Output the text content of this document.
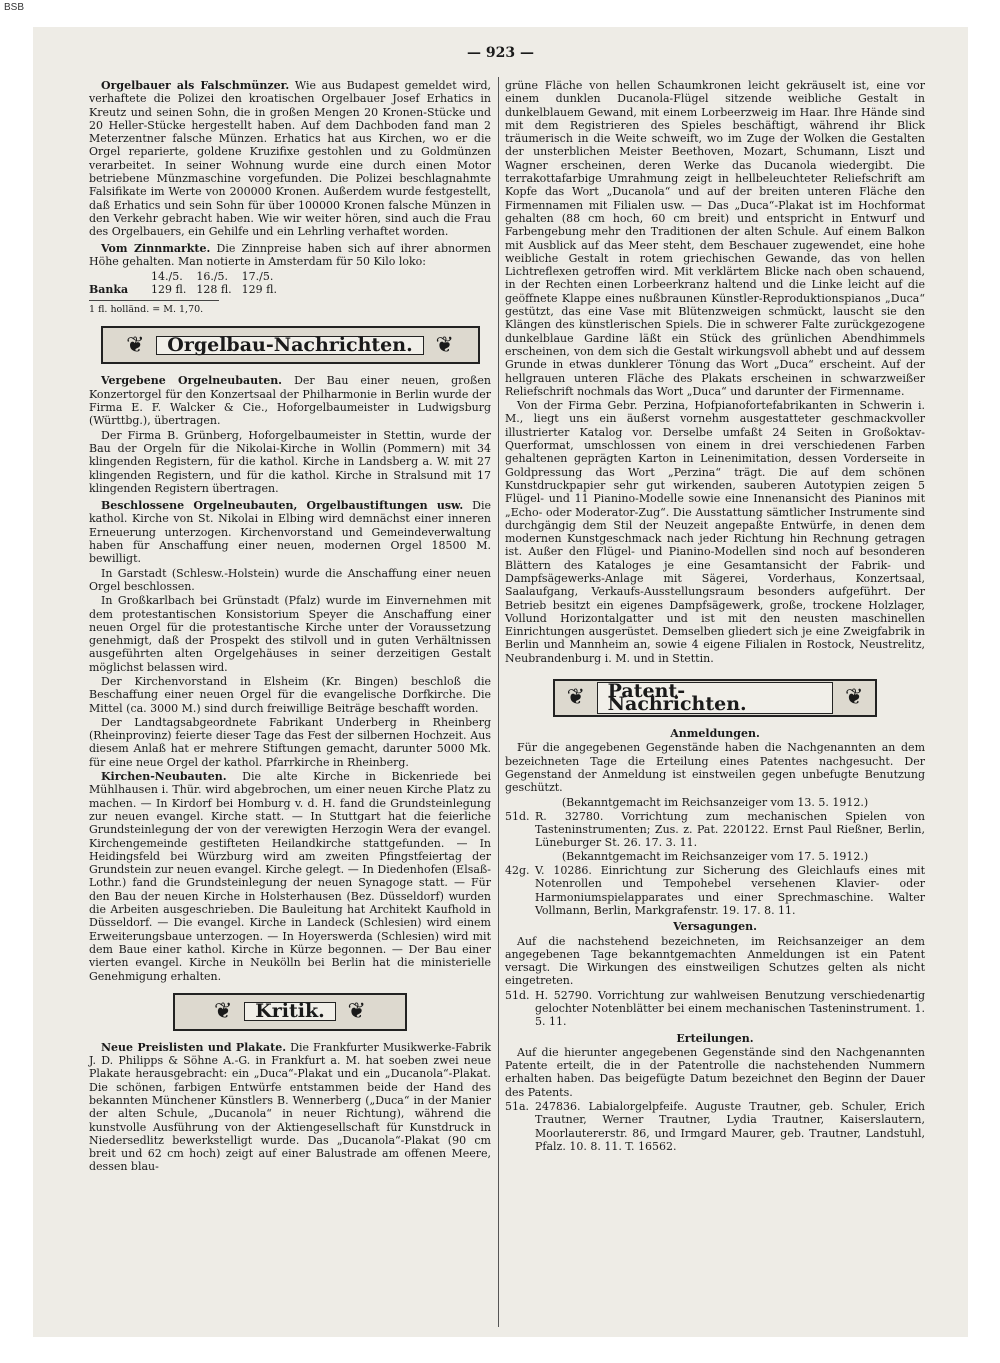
BSB
— 923 —

Orgelbauer als Falschmünzer. Wie aus Budapest gemeldet wird, verhaftete die Polizei den kroatischen Orgelbauer Josef Erhatics in Kreutz und seinen Sohn, die in großen Mengen 20 Kronen-Stücke und 20 Heller-Stücke hergestellt haben. Auf dem Dachboden fand man 2 Meterzentner falsche Münzen. Erhatics hat aus Kirchen, wo er die Orgel reparierte, goldene Kruzifixe gestohlen und zu Goldmünzen verarbeitet. In seiner Wohnung wurde eine durch einen Motor betriebene Münzmaschine vorgefunden. Die Polizei beschlagnahmte Falsifikate im Werte von 200000 Kronen. Außerdem wurde festgestellt, daß Erhatics und sein Sohn für über 100000 Kronen falsche Münzen in den Verkehr gebracht haben. Wie wir weiter hören, sind auch die Frau des Orgelbauers, ein Gehilfe und ein Lehrling verhaftet worden.

Vom Zinnmarkte. Die Zinnpreise haben sich auf ihrer abnormen Höhe gehalten. Man notierte in Amsterdam für 50 Kilo loko:

	14./5.	16./5.	17./5.
Banka	129 fl.	128 fl.	129 fl.

1 fl. holländ. = M. 1,70.

❦	Orgelbau-Nachrichten.	❦

Vergebene Orgelneubauten. Der Bau einer neuen, großen Konzertorgel für den Konzertsaal der Philharmonie in Berlin wurde der Firma E. F. Walcker & Cie., Hoforgelbaumeister in Ludwigsburg (Württbg.), übertragen.

Der Firma B. Grünberg, Hoforgelbaumeister in Stettin, wurde der Bau der Orgeln für die Nikolai-Kirche in Wollin (Pommern) mit 34 klingenden Registern, für die kathol. Kirche in Landsberg a. W. mit 27 klingenden Registern, und für die kathol. Kirche in Stralsund mit 17 klingenden Registern übertragen.

Beschlossene Orgelneubauten, Orgelbaustiftungen usw. Die kathol. Kirche von St. Nikolai in Elbing wird demnächst einer inneren Erneuerung unterzogen. Kirchenvorstand und Gemeindeverwaltung haben für Anschaffung einer neuen, modernen Orgel 18500 M. bewilligt.

In Garstadt (Schlesw.-Holstein) wurde die Anschaffung einer neuen Orgel beschlossen.

In Großkarlbach bei Grünstadt (Pfalz) wurde im Einvernehmen mit dem protestantischen Konsistorium Speyer die Anschaffung einer neuen Orgel für die protestantische Kirche unter der Voraussetzung genehmigt, daß der Prospekt des stilvoll und in guten Verhältnissen ausgeführten alten Orgelgehäuses in seiner derzeitigen Gestalt möglichst belassen wird.

Der Kirchenvorstand in Elsheim (Kr. Bingen) beschloß die Beschaffung einer neuen Orgel für die evangelische Dorfkirche. Die Mittel (ca. 3000 M.) sind durch freiwillige Beiträge beschafft worden.

Der Landtagsabgeordnete Fabrikant Underberg in Rheinberg (Rheinprovinz) feierte dieser Tage das Fest der silbernen Hochzeit. Aus diesem Anlaß hat er mehrere Stiftungen gemacht, darunter 5000 Mk. für eine neue Orgel der kathol. Pfarrkirche in Rheinberg.

Kirchen-Neubauten. Die alte Kirche in Bickenriede bei Mühlhausen i. Thür. wird abgebrochen, um einer neuen Kirche Platz zu machen. — In Kirdorf bei Homburg v. d. H. fand die Grundsteinlegung zur neuen evangel. Kirche statt. — In Stuttgart hat die feierliche Grundsteinlegung der von der verewigten Herzogin Wera der evangel. Kirchengemeinde gestifteten Heilandkirche stattgefunden. — In Heidingsfeld bei Würzburg wird am zweiten Pfingstfeiertag der Grundstein zur neuen evangel. Kirche gelegt. — In Diedenhofen (Elsaß-Lothr.) fand die Grundsteinlegung der neuen Synagoge statt. — Für den Bau der neuen Kirche in Holsterhausen (Bez. Düsseldorf) wurden die Arbeiten ausgeschrieben. Die Bauleitung hat Architekt Kaufhold in Düsseldorf. — Die evangel. Kirche in Landeck (Schlesien) wird einem Erweiterungsbaue unterzogen. — In Hoyerswerda (Schlesien) wird mit dem Baue einer kathol. Kirche in Kürze begonnen. — Der Bau einer vierten evangel. Kirche in Neukölln bei Berlin hat die ministerielle Genehmigung erhalten.

❦	Kritik.	❦

Neue Preislisten und Plakate. Die Frankfurter Musikwerke-Fabrik J. D. Philipps & Söhne A.-G. in Frankfurt a. M. hat soeben zwei neue Plakate herausgebracht: ein „Duca“-Plakat und ein „Ducanola“-Plakat. Die schönen, farbigen Entwürfe entstammen beide der Hand des bekannten Münchener Künstlers B. Wennerberg („Duca“ in der Manier der alten Schule, „Ducanola“ in neuer Richtung), während die kunstvolle Ausführung von der Aktiengesellschaft für Kunstdruck in Niedersedlitz bewerkstelligt wurde. Das „Ducanola“-Plakat (90 cm breit und 62 cm hoch) zeigt auf einer Balustrade am offenen Meere, dessen blau-

grüne Fläche von hellen Schaumkronen leicht gekräuselt ist, eine vor einem dunklen Ducanola-Flügel sitzende weibliche Gestalt in dunkelblauem Gewand, mit einem Lorbeerzweig im Haar. Ihre Hände sind mit dem Registrieren des Spieles beschäftigt, während ihr Blick träumerisch in die Weite schweift, wo im Zuge der Wolken die Gestalten der unsterblichen Meister Beethoven, Mozart, Schumann, Liszt und Wagner erscheinen, deren Werke das Ducanola wiedergibt. Die terrakottafarbige Umrahmung zeigt in hellbeleuchteter Reliefschrift am Kopfe das Wort „Ducanola“ und auf der breiten unteren Fläche den Firmennamen mit Filialen usw. — Das „Duca“-Plakat ist im Hochformat gehalten (88 cm hoch, 60 cm breit) und entspricht in Entwurf und Farbengebung mehr den Traditionen der alten Schule. Auf einem Balkon mit Ausblick auf das Meer steht, dem Beschauer zugewendet, eine hohe weibliche Gestalt in rotem griechischen Gewande, das von hellen Lichtreflexen getroffen wird. Mit verklärtem Blicke nach oben schauend, in der Rechten einen Lorbeerkranz haltend und die Linke leicht auf die geöffnete Klappe eines nußbraunen Künstler-Reproduktionspianos „Duca“ gestützt, das eine Vase mit Blütenzweigen schmückt, lauscht sie den Klängen des künstlerischen Spiels. Die in schwerer Falte zurückgezogene dunkelblaue Gardine läßt ein Stück des grünlichen Abendhimmels erscheinen, von dem sich die Gestalt wirkungsvoll abhebt und auf dessem Grunde in etwas dunklerer Tönung das Wort „Duca“ erscheint. Auf der hellgrauen unteren Fläche des Plakats erscheinen in schwarzweißer Reliefschrift nochmals das Wort „Duca“ und darunter der Firmenname.

Von der Firma Gebr. Perzina, Hofpianofortefabrikanten in Schwerin i. M., liegt uns ein äußerst vornehm ausgestatteter geschmackvoller illustrierter Katalog vor. Derselbe umfaßt 24 Seiten in Großoktav-Querformat, umschlossen von einem in drei verschiedenen Farben gehaltenen geprägten Karton in Leinenimitation, dessen Vorderseite in Goldpressung das Wort „Perzina“ trägt. Die auf dem schönen Kunstdruckpapier sehr gut wirkenden, sauberen Autotypien zeigen 5 Flügel- und 11 Pianino-Modelle sowie eine Innenansicht des Pianinos mit „Echo- oder Moderator-Zug“. Die Ausstattung sämtlicher Instrumente sind durchgängig dem Stil der Neuzeit angepaßte Entwürfe, in denen dem modernen Kunstgeschmack nach jeder Richtung hin Rechnung getragen ist. Außer den Flügel- und Pianino-Modellen sind noch auf besonderen Blättern des Kataloges je eine Gesamtansicht der Fabrik- und Dampfsägewerks-Anlage mit Sägerei, Vorderhaus, Konzertsaal, Saalaufgang, Verkaufs-Ausstellungsraum besonders aufgeführt. Der Betrieb besitzt ein eigenes Dampfsägewerk, große, trockene Holzlager, Vollund Horizontalgatter und ist mit den neusten maschinellen Einrichtungen ausgerüstet. Demselben gliedert sich je eine Zweigfabrik in Berlin und Mannheim an, sowie 4 eigene Filialen in Rostock, Neustrelitz, Neubrandenburg i. M. und in Stettin.

❦	Patent-Nachrichten.	❦

Anmeldungen.

Für die angegebenen Gegenstände haben die Nachgenannten an dem bezeichneten Tage die Erteilung eines Patentes nachgesucht. Der Gegenstand der Anmeldung ist einstweilen gegen unbefugte Benutzung geschützt.

(Bekanntgemacht im Reichsanzeiger vom 13. 5. 1912.)

51d. R. 32780. Vorrichtung zum mechanischen Spielen von Tasteninstrumenten; Zus. z. Pat. 220122. Ernst Paul Rießner, Berlin, Lüneburger St. 26. 17. 3. 11.

(Bekanntgemacht im Reichsanzeiger vom 17. 5. 1912.)

42g. V. 10286. Einrichtung zur Sicherung des Gleichlaufs eines mit Notenrollen und Tempohebel versehenen Klavier- oder Harmoniumspielapparates und einer Sprechmaschine. Walter Vollmann, Berlin, Markgrafenstr. 19. 17. 8. 11.

Versagungen.

Auf die nachstehend bezeichneten, im Reichsanzeiger an dem angegebenen Tage bekanntgemachten Anmeldungen ist ein Patent versagt. Die Wirkungen des einstweiligen Schutzes gelten als nicht eingetreten.

51d. H. 52790. Vorrichtung zur wahlweisen Benutzung verschiedenartig gelochter Notenblätter bei einem mechanischen Tasteninstrument. 1. 5. 11.

Erteilungen.

Auf die hierunter angegebenen Gegenstände sind den Nachgenannten Patente erteilt, die in der Patentrolle die nachstehenden Nummern erhalten haben. Das beigefügte Datum bezeichnet den Beginn der Dauer des Patents.

51a. 247836. Labialorgelpfeife. Auguste Trautner, geb. Schuler, Erich Trautner, Werner Trautner, Lydia Trautner, Kaiserslautern, Moorlautererstr. 86, und Irmgard Maurer, geb. Trautner, Landstuhl, Pfalz. 10. 8. 11. T. 16562.
